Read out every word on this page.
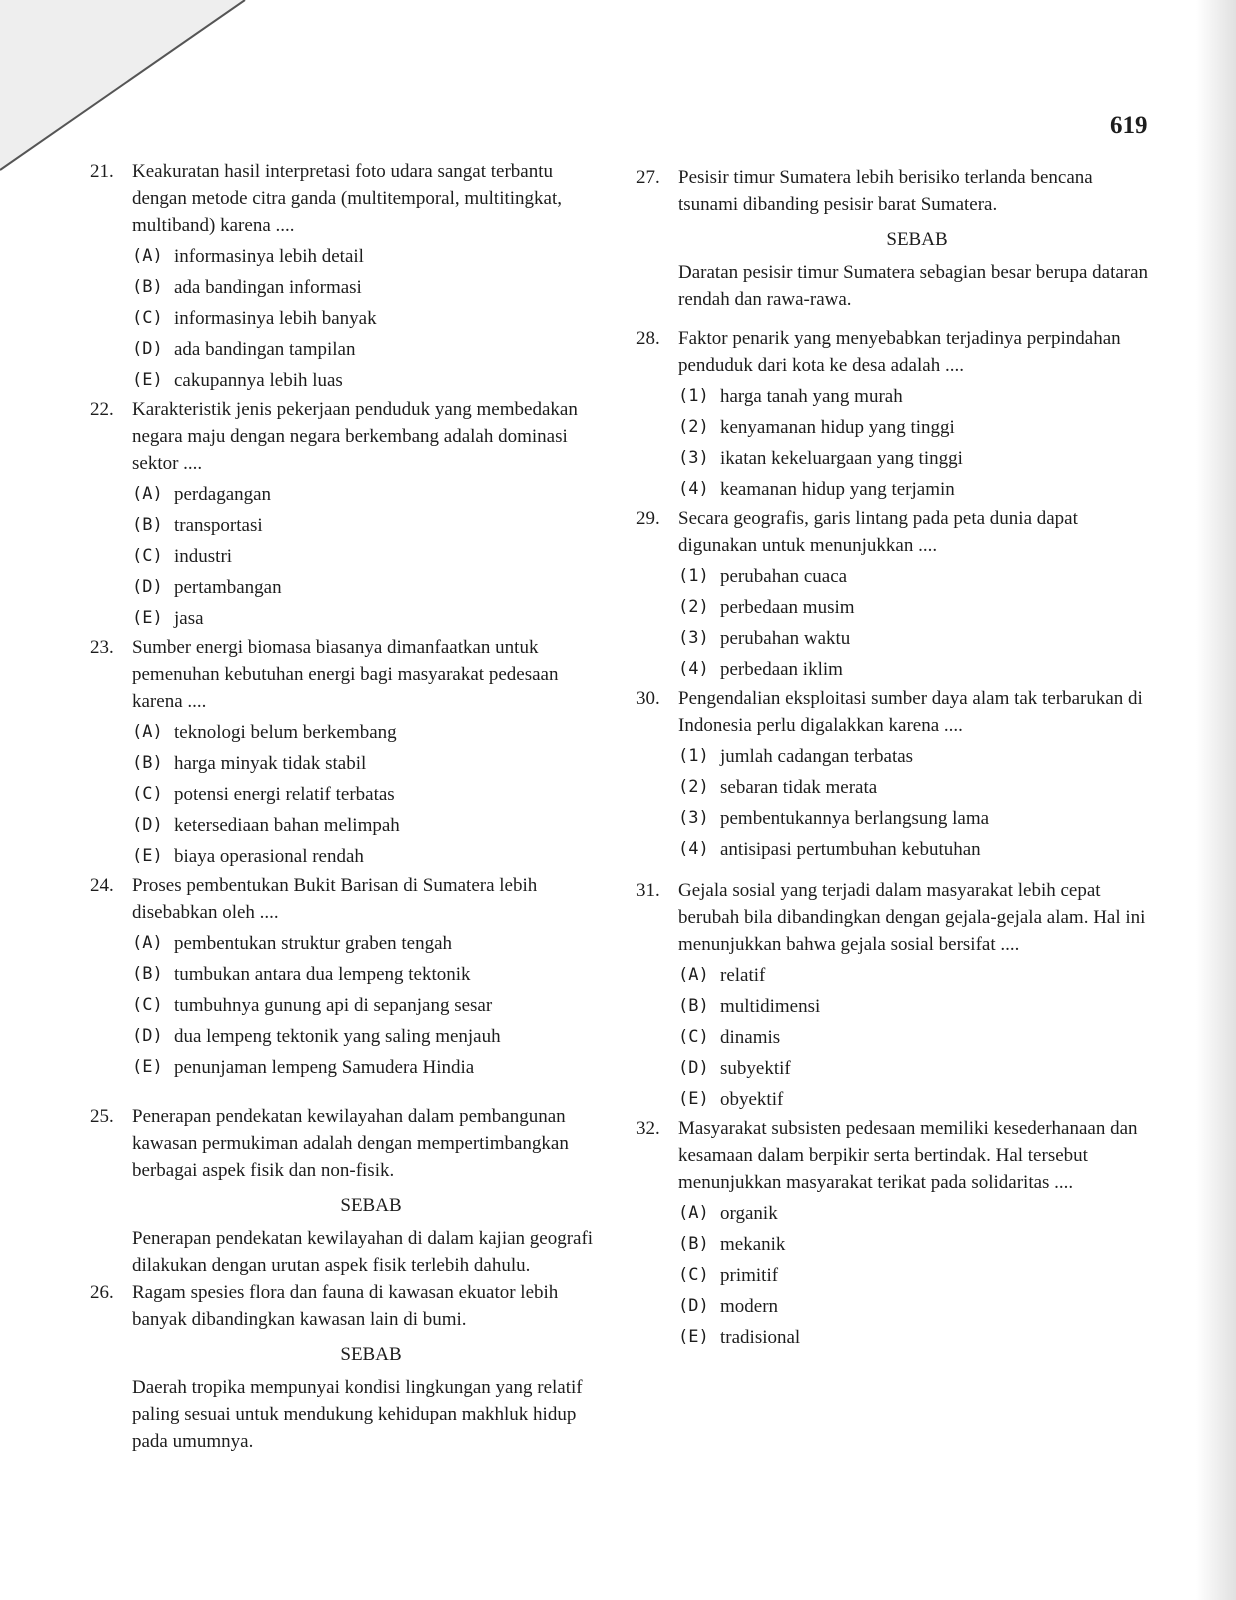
619
21. Keakuratan hasil interpretasi foto udara sangat terbantu dengan metode citra ganda (multitemporal, multitingkat, multiband) karena ....
(A) informasinya lebih detail
(B) ada bandingan informasi
(C) informasinya lebih banyak
(D) ada bandingan tampilan
(E) cakupannya lebih luas
22. Karakteristik jenis pekerjaan penduduk yang membedakan negara maju dengan negara berkembang adalah dominasi sektor ....
(A) perdagangan
(B) transportasi
(C) industri
(D) pertambangan
(E) jasa
23. Sumber energi biomasa biasanya dimanfaatkan untuk pemenuhan kebutuhan energi bagi masyarakat pedesaan karena ....
(A) teknologi belum berkembang
(B) harga minyak tidak stabil
(C) potensi energi relatif terbatas
(D) ketersediaan bahan melimpah
(E) biaya operasional rendah
24. Proses pembentukan Bukit Barisan di Sumatera lebih disebabkan oleh ....
(A) pembentukan struktur graben tengah
(B) tumbukan antara dua lempeng tektonik
(C) tumbuhnya gunung api di sepanjang sesar
(D) dua lempeng tektonik yang saling menjauh
(E) penunjaman lempeng Samudera Hindia
25. Penerapan pendekatan kewilayahan dalam pembangunan kawasan permukiman adalah dengan mempertimbangkan berbagai aspek fisik dan non-fisik.
SEBAB
Penerapan pendekatan kewilayahan di dalam kajian geografi dilakukan dengan urutan aspek fisik terlebih dahulu.
26. Ragam spesies flora dan fauna di kawasan ekuator lebih banyak dibandingkan kawasan lain di bumi.
SEBAB
Daerah tropika mempunyai kondisi lingkungan yang relatif paling sesuai untuk mendukung kehidupan makhluk hidup pada umumnya.
27. Pesisir timur Sumatera lebih berisiko terlanda bencana tsunami dibanding pesisir barat Sumatera.
SEBAB
Daratan pesisir timur Sumatera sebagian besar berupa dataran rendah dan rawa-rawa.
28. Faktor penarik yang menyebabkan terjadinya perpindahan penduduk dari kota ke desa adalah ....
(1) harga tanah yang murah
(2) kenyamanan hidup yang tinggi
(3) ikatan kekeluargaan yang tinggi
(4) keamanan hidup yang terjamin
29. Secara geografis, garis lintang pada peta dunia dapat digunakan untuk menunjukkan ....
(1) perubahan cuaca
(2) perbedaan musim
(3) perubahan waktu
(4) perbedaan iklim
30. Pengendalian eksploitasi sumber daya alam tak terbarukan di Indonesia perlu digalakkan karena ....
(1) jumlah cadangan terbatas
(2) sebaran tidak merata
(3) pembentukannya berlangsung lama
(4) antisipasi pertumbuhan kebutuhan
31. Gejala sosial yang terjadi dalam masyarakat lebih cepat berubah bila dibandingkan dengan gejala-gejala alam. Hal ini menunjukkan bahwa gejala sosial bersifat ....
(A) relatif
(B) multidimensi
(C) dinamis
(D) subyektif
(E) obyektif
32. Masyarakat subsisten pedesaan memiliki kesederhanaan dan kesamaan dalam berpikir serta bertindak. Hal tersebut menunjukkan masyarakat terikat pada solidaritas ....
(A) organik
(B) mekanik
(C) primitif
(D) modern
(E) tradisional
